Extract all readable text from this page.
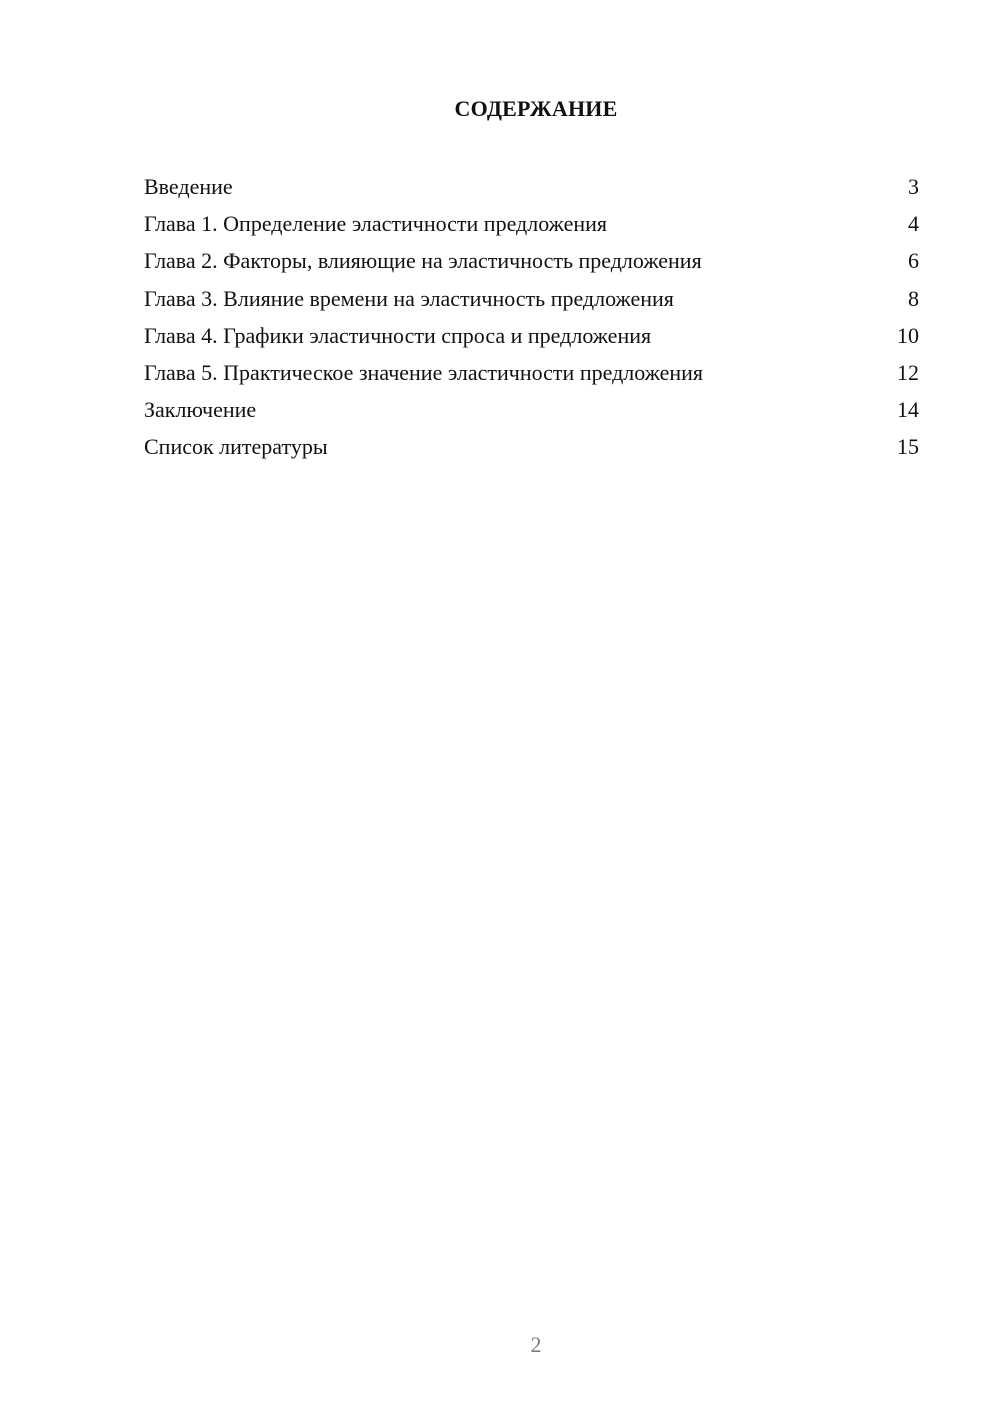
СОДЕРЖАНИЕ
Введение	3
Глава 1. Определение эластичности предложения	4
Глава 2. Факторы, влияющие на эластичность предложения	6
Глава 3. Влияние времени на эластичность предложения	8
Глава 4. Графики эластичности спроса и предложения	10
Глава 5. Практическое значение эластичности предложения	12
Заключение	14
Список литературы	15
2
